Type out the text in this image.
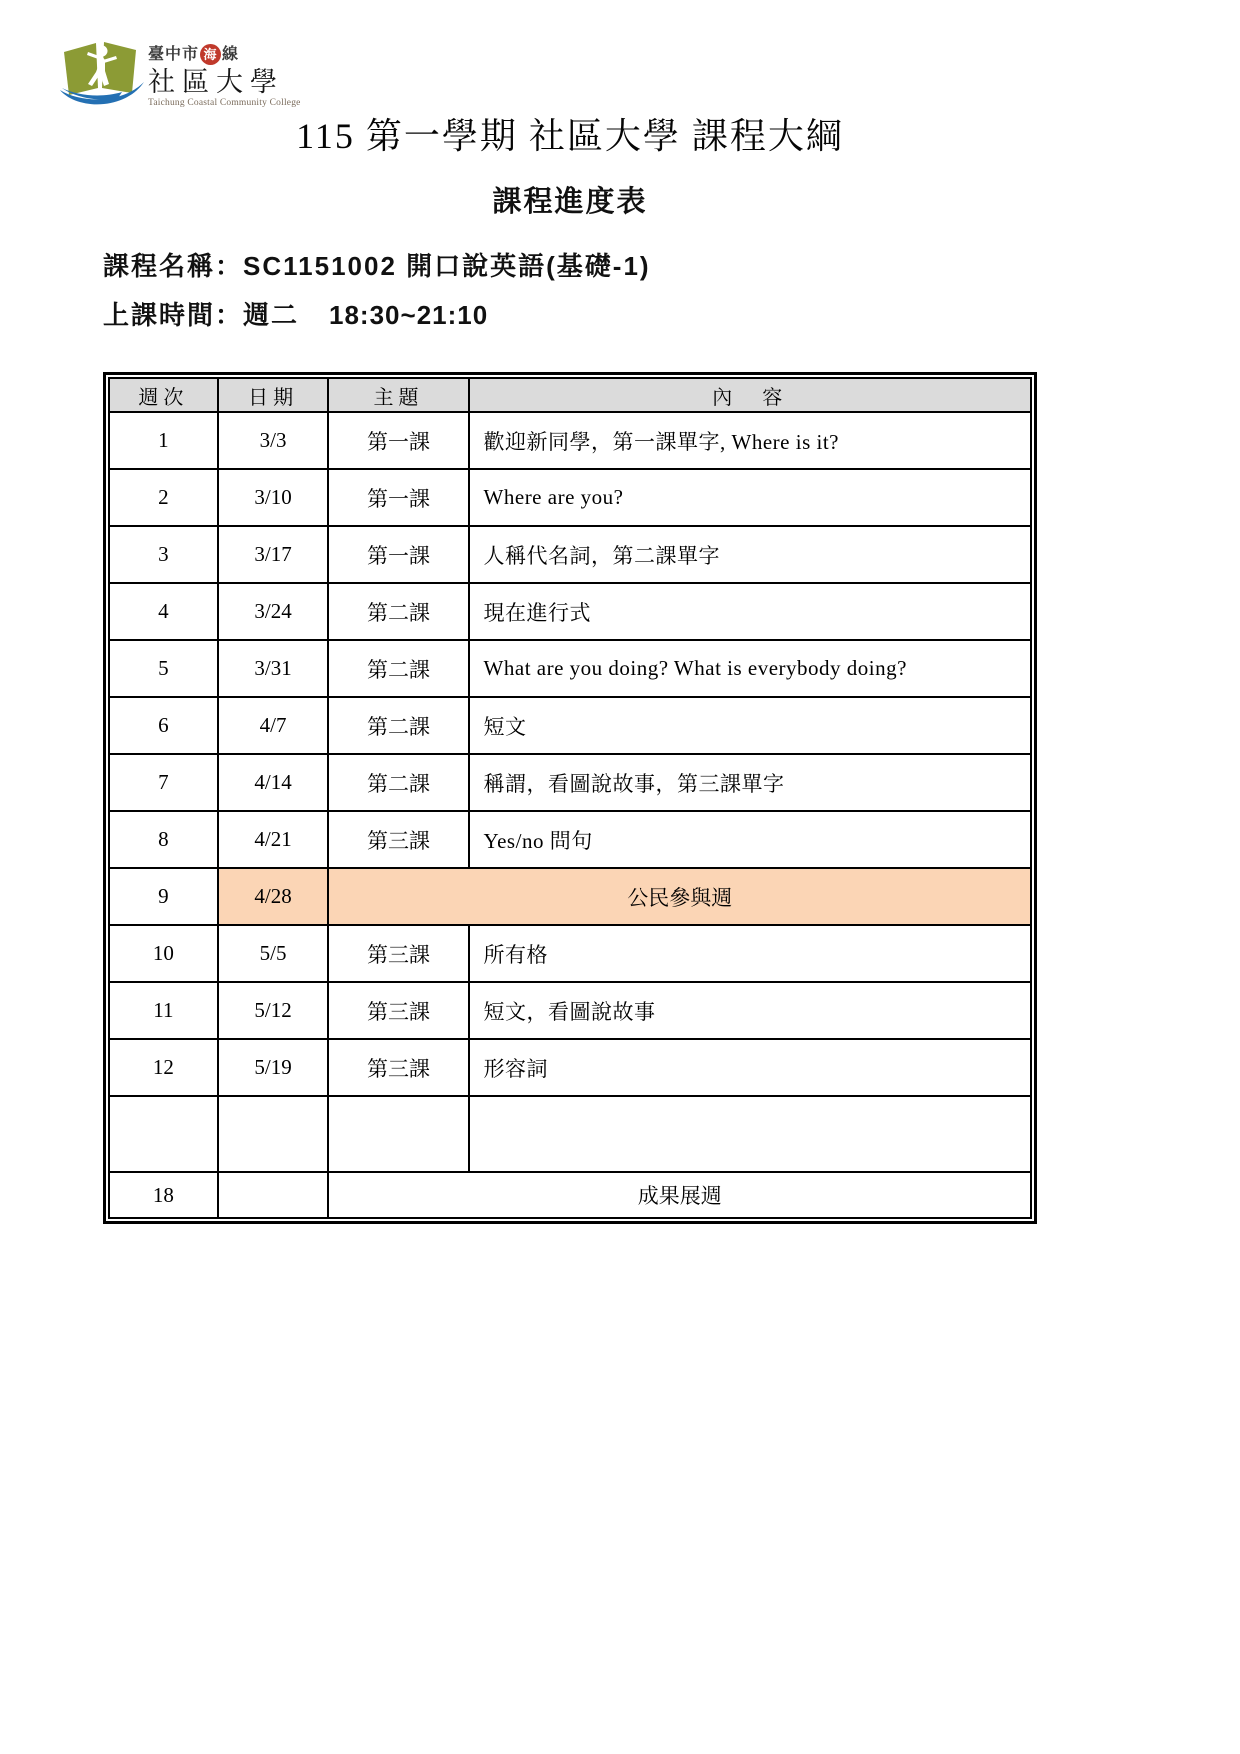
臺中市 海 線
社區大學
Taichung Coastal Community College
115 第一學期 社區大學 課程大綱
課程進度表
課程名稱：SC1151002 開口說英語(基礎-1)
上課時間：週二 18:30~21:10
週次	日期	主題	內　容
1	3/3	第一課	歡迎新同學，第一課單字, Where is it?
2	3/10	第一課	Where are you?
3	3/17	第一課	人稱代名詞，第二課單字
4	3/24	第二課	現在進行式
5	3/31	第二課	What are you doing? What is everybody doing?
6	4/7	第二課	短文
7	4/14	第二課	稱謂，看圖說故事，第三課單字
8	4/21	第三課	Yes/no 問句
9	4/28	公民參與週	
10	5/5	第三課	所有格
11	5/12	第三課	短文，看圖說故事
12	5/19	第三課	形容詞

18		成果展週	
